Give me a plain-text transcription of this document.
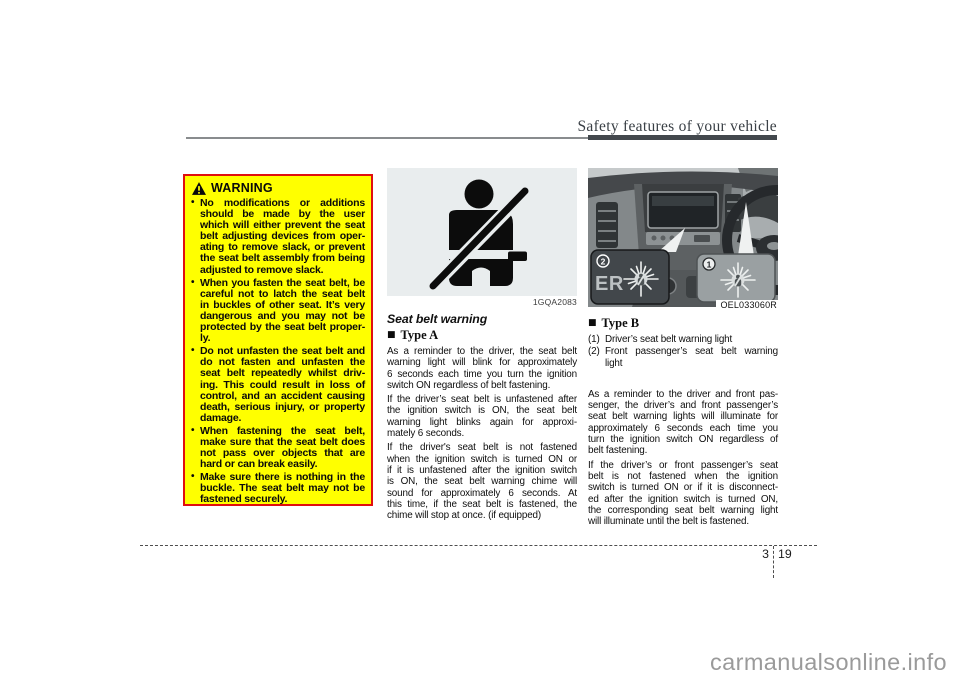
Safety features of your vehicle
WARNING
• No modifications or additions
should be made by the user
which will either prevent the seat
belt adjusting devices from oper-
ating to remove slack, or prevent
the seat belt assembly from being
adjusted to remove slack.
• When you fasten the seat belt, be
careful not to latch the seat belt
in buckles of other seat. It’s very
dangerous and you may not be
protected by the seat belt proper-
ly.
• Do not unfasten the seat belt and
do not fasten and unfasten the
seat belt repeatedly whilst driv-
ing. This could result in loss of
control, and an accident causing
death, serious injury, or property
damage.
• When fastening the seat belt,
make sure that the seat belt does
not pass over objects that are
hard or can break easily.
• Make sure there is nothing in the
buckle. The seat belt may not be
fastened securely.
1GQA2083
Seat belt warning
■ Type A
As a reminder to the driver, the seat belt
warning light will blink for approximately
6 seconds each time you turn the ignition
switch ON regardless of belt fastening.
If the driver’s seat belt is unfastened after
the ignition switch is ON, the seat belt
warning light blinks again for approxi-
mately 6 seconds.
If the driver's seat belt is not fastened
when the ignition switch is turned ON or
if it is unfastened after the ignition switch
is ON, the seat belt warning chime will
sound for approximately 6 seconds. At
this time, if the seat belt is fastened, the
chime will stop at once. (if equipped)
2
ER
1
OEL033060R
■ Type B
(1) Driver’s seat belt warning light
(2) Front passenger’s seat belt warning
light
As a reminder to the driver and front pas-
senger, the driver’s and front passenger’s
seat belt warning lights will illuminate for
approximately 6 seconds each time you
turn the ignition switch ON regardless of
belt fastening.
If the driver’s or front passenger’s seat
belt is not fastened when the ignition
switch is turned ON or if it is disconnect-
ed after the ignition switch is turned ON,
the corresponding seat belt warning light
will illuminate until the belt is fastened.
3 19
carmanualsonline.info
